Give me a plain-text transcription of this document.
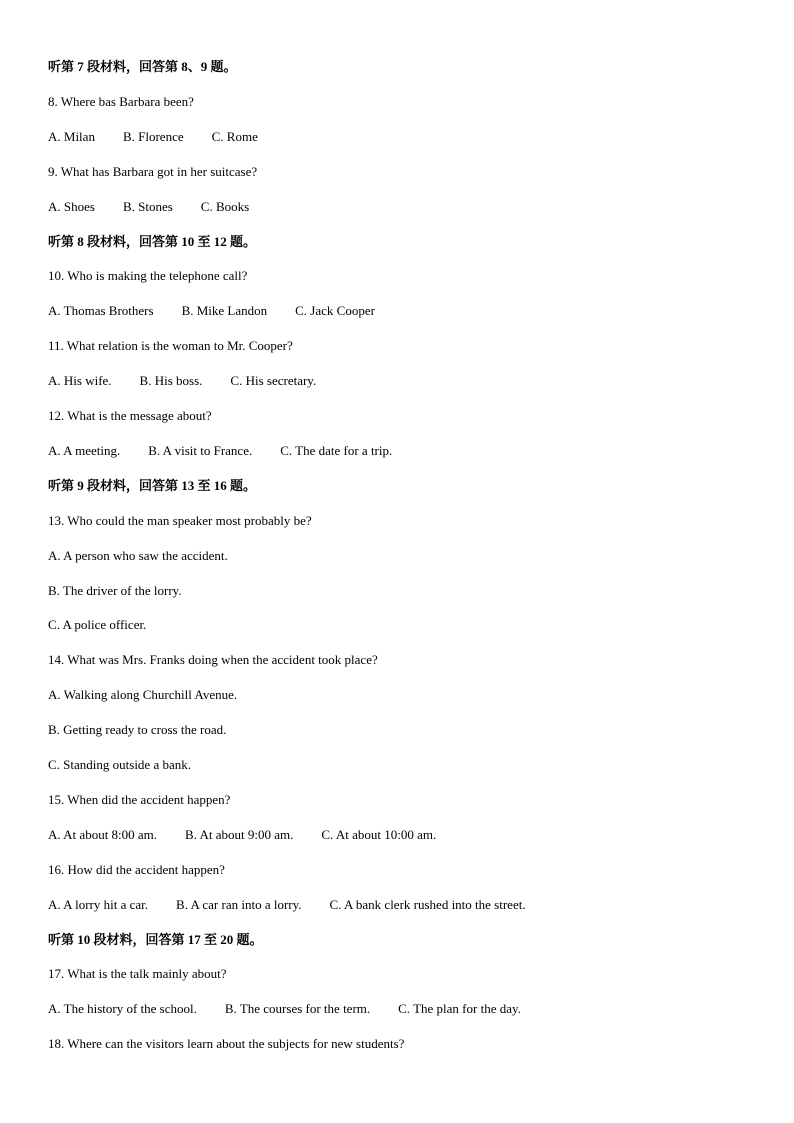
听第 7 段材料，回答第 8、9 题。
8. Where bas Barbara been?
A. Milan B. Florence C. Rome
9. What has Barbara got in her suitcase?
A. Shoes B. Stones C. Books
听第 8 段材料，回答第 10 至 12 题。
10. Who is making the telephone call?
A. Thomas Brothers B. Mike Landon C. Jack Cooper
11. What relation is the woman to Mr. Cooper?
A. His wife. B. His boss. C. His secretary.
12. What is the message about?
A. A meeting. B. A visit to France. C. The date for a trip.
听第 9 段材料，回答第 13 至 16 题。
13. Who could the man speaker most probably be?
A. A person who saw the accident.
B. The driver of the lorry.
C. A police officer.
14. What was Mrs. Franks doing when the accident took place?
A. Walking along Churchill Avenue.
B. Getting ready to cross the road.
C. Standing outside a bank.
15. When did the accident happen?
A. At about 8:00 am. B. At about 9:00 am. C. At about 10:00 am.
16. How did the accident happen?
A. A lorry hit a car. B. A car ran into a lorry. C. A bank clerk rushed into the street.
听第 10 段材料，回答第 17 至 20 题。
17. What is the talk mainly about?
A. The history of the school. B. The courses for the term. C. The plan for the day.
18. Where can the visitors learn about the subjects for new students?
